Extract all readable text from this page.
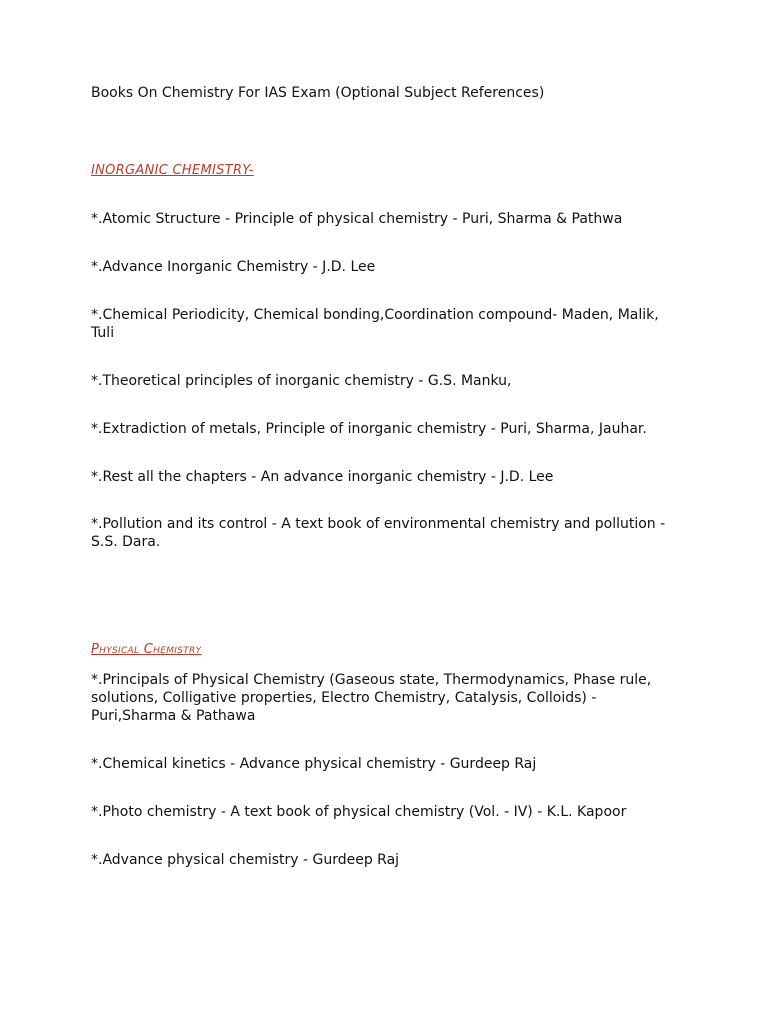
Books On Chemistry For IAS Exam (Optional Subject References)

INORGANIC CHEMISTRY-

*.Atomic Structure - Principle of physical chemistry - Puri, Sharma & Pathwa

*.Advance Inorganic Chemistry - J.D. Lee

*.Chemical Periodicity, Chemical bonding,Coordination compound- Maden, Malik, Tuli

*.Theoretical principles of inorganic chemistry - G.S. Manku,

*.Extradiction of metals, Principle of inorganic chemistry - Puri, Sharma, Jauhar.

*.Rest all the chapters - An advance inorganic chemistry - J.D. Lee

*.Pollution and its control - A text book of environmental chemistry and pollution - S.S. Dara.

Physical Chemistry

*.Principals of Physical Chemistry (Gaseous state, Thermodynamics, Phase rule, solutions, Colligative properties, Electro Chemistry, Catalysis, Colloids) - Puri,Sharma & Pathawa

*.Chemical kinetics - Advance physical chemistry - Gurdeep Raj

*.Photo chemistry - A text book of physical chemistry (Vol. - IV) - K.L. Kapoor

*.Advance physical chemistry - Gurdeep Raj
